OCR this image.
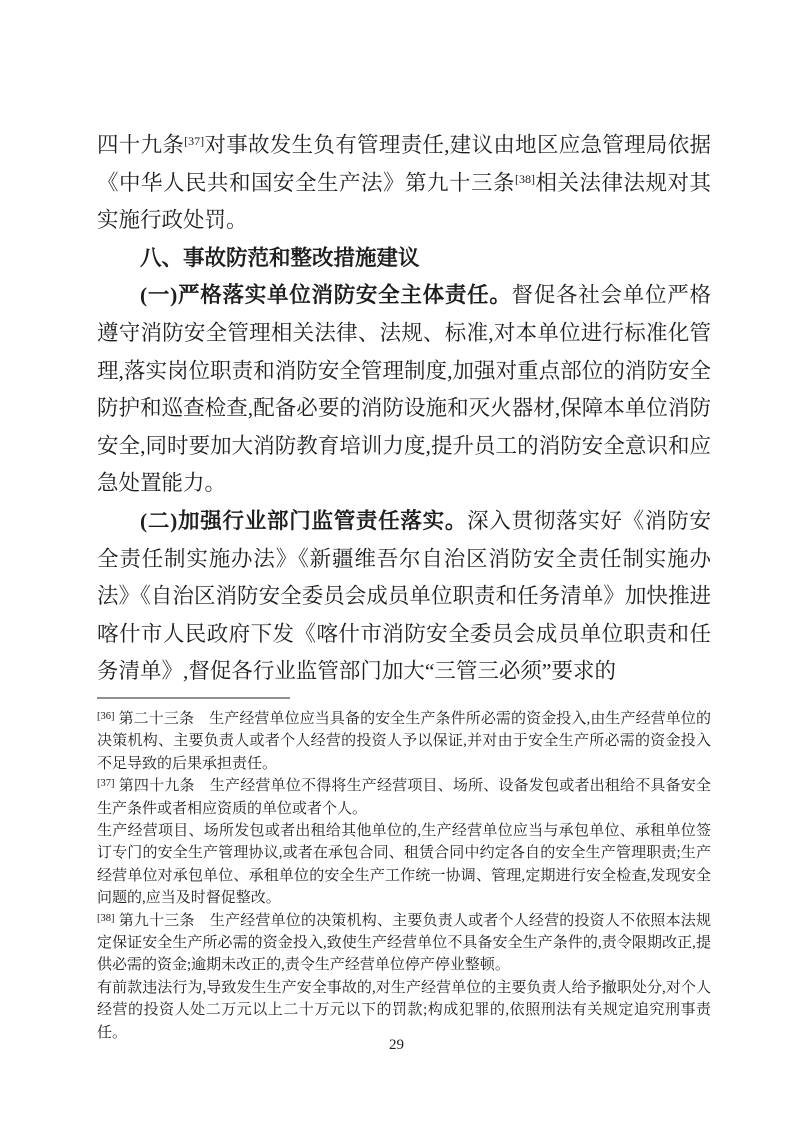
四十九条[37]对事故发生负有管理责任,建议由地区应急管理局依据《中华人民共和国安全生产法》第九十三条[38]相关法律法规对其实施行政处罚。

八、事故防范和整改措施建议

(一)严格落实单位消防安全主体责任。督促各社会单位严格遵守消防安全管理相关法律、法规、标准,对本单位进行标准化管理,落实岗位职责和消防安全管理制度,加强对重点部位的消防安全防护和巡查检查,配备必要的消防设施和灭火器材,保障本单位消防安全,同时要加大消防教育培训力度,提升员工的消防安全意识和应急处置能力。

(二)加强行业部门监管责任落实。深入贯彻落实好《消防安全责任制实施办法》《新疆维吾尔自治区消防安全责任制实施办法》《自治区消防安全委员会成员单位职责和任务清单》加快推进喀什市人民政府下发《喀什市消防安全委员会成员单位职责和任务清单》,督促各行业监管部门加大“三管三必须”要求的

[36] 第二十三条　生产经营单位应当具备的安全生产条件所必需的资金投入,由生产经营单位的决策机构、主要负责人或者个人经营的投资人予以保证,并对由于安全生产所必需的资金投入不足导致的后果承担责任。

[37] 第四十九条　生产经营单位不得将生产经营项目、场所、设备发包或者出租给不具备安全生产条件或者相应资质的单位或者个人。

生产经营项目、场所发包或者出租给其他单位的,生产经营单位应当与承包单位、承租单位签订专门的安全生产管理协议,或者在承包合同、租赁合同中约定各自的安全生产管理职责;生产经营单位对承包单位、承租单位的安全生产工作统一协调、管理,定期进行安全检查,发现安全问题的,应当及时督促整改。

[38] 第九十三条　生产经营单位的决策机构、主要负责人或者个人经营的投资人不依照本法规定保证安全生产所必需的资金投入,致使生产经营单位不具备安全生产条件的,责令限期改正,提供必需的资金;逾期未改正的,责令生产经营单位停产停业整顿。

有前款违法行为,导致发生生产安全事故的,对生产经营单位的主要负责人给予撤职处分,对个人经营的投资人处二万元以上二十万元以下的罚款;构成犯罪的,依照刑法有关规定追究刑事责任。

29
